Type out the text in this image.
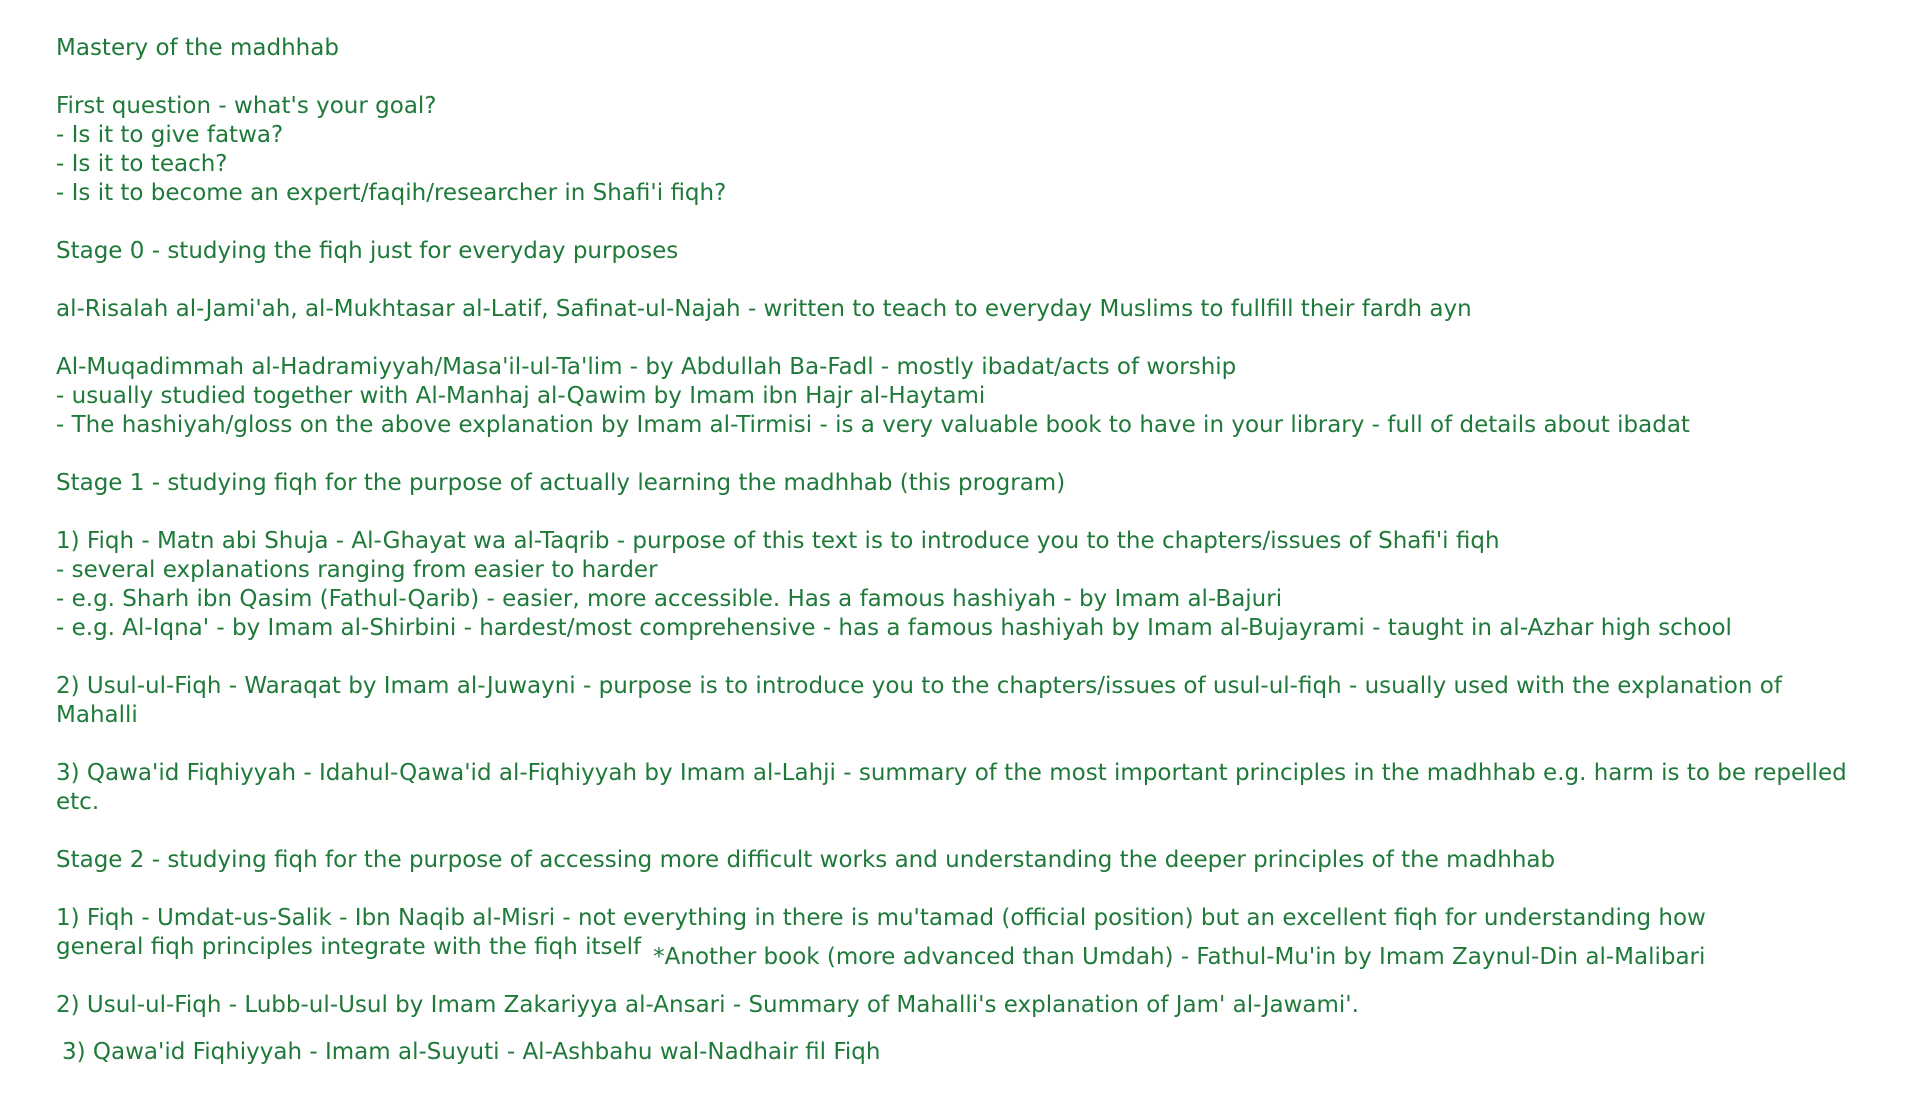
Mastery of the madhhab
First question - what's your goal?
- Is it to give fatwa?
- Is it to teach?
- Is it to become an expert/faqih/researcher in Shafi'i fiqh?
Stage 0 - studying the fiqh just for everyday purposes
al-Risalah al-Jami'ah, al-Mukhtasar al-Latif, Safinat-ul-Najah - written to teach to everyday Muslims to fullfill their fardh ayn
Al-Muqadimmah al-Hadramiyyah/Masa'il-ul-Ta'lim - by Abdullah Ba-Fadl - mostly ibadat/acts of worship
- usually studied together with Al-Manhaj al-Qawim by Imam ibn Hajr al-Haytami
- The hashiyah/gloss on the above explanation by Imam al-Tirmisi - is a very valuable book to have in your library - full of details about ibadat
Stage 1 - studying fiqh for the purpose of actually learning the madhhab (this program)
1) Fiqh - Matn abi Shuja - Al-Ghayat wa al-Taqrib - purpose of this text is to introduce you to the chapters/issues of Shafi'i fiqh
- several explanations ranging from easier to harder
- e.g. Sharh ibn Qasim (Fathul-Qarib) - easier, more accessible. Has a famous hashiyah - by Imam al-Bajuri
- e.g. Al-Iqna' - by Imam al-Shirbini - hardest/most comprehensive - has a famous hashiyah by Imam al-Bujayrami - taught in al-Azhar high school
2) Usul-ul-Fiqh - Waraqat by Imam al-Juwayni - purpose is to introduce you to the chapters/issues of usul-ul-fiqh - usually used with the explanation of Mahalli
3) Qawa'id Fiqhiyyah - Idahul-Qawa'id al-Fiqhiyyah by Imam al-Lahji - summary of the most important principles in the madhhab e.g. harm is to be repelled etc.
Stage 2 - studying fiqh for the purpose of accessing more difficult works and understanding the deeper principles of the madhhab
1) Fiqh - Umdat-us-Salik - Ibn Naqib al-Misri - not everything in there is mu'tamad (official position) but an excellent fiqh for understanding how
general fiqh principles integrate with the fiqh itself *Another book (more advanced than Umdah) - Fathul-Mu'in by Imam Zaynul-Din al-Malibari
2) Usul-ul-Fiqh - Lubb-ul-Usul by Imam Zakariyya al-Ansari - Summary of Mahalli's explanation of Jam' al-Jawami'.
3) Qawa'id Fiqhiyyah - Imam al-Suyuti - Al-Ashbahu wal-Nadhair fil Fiqh
